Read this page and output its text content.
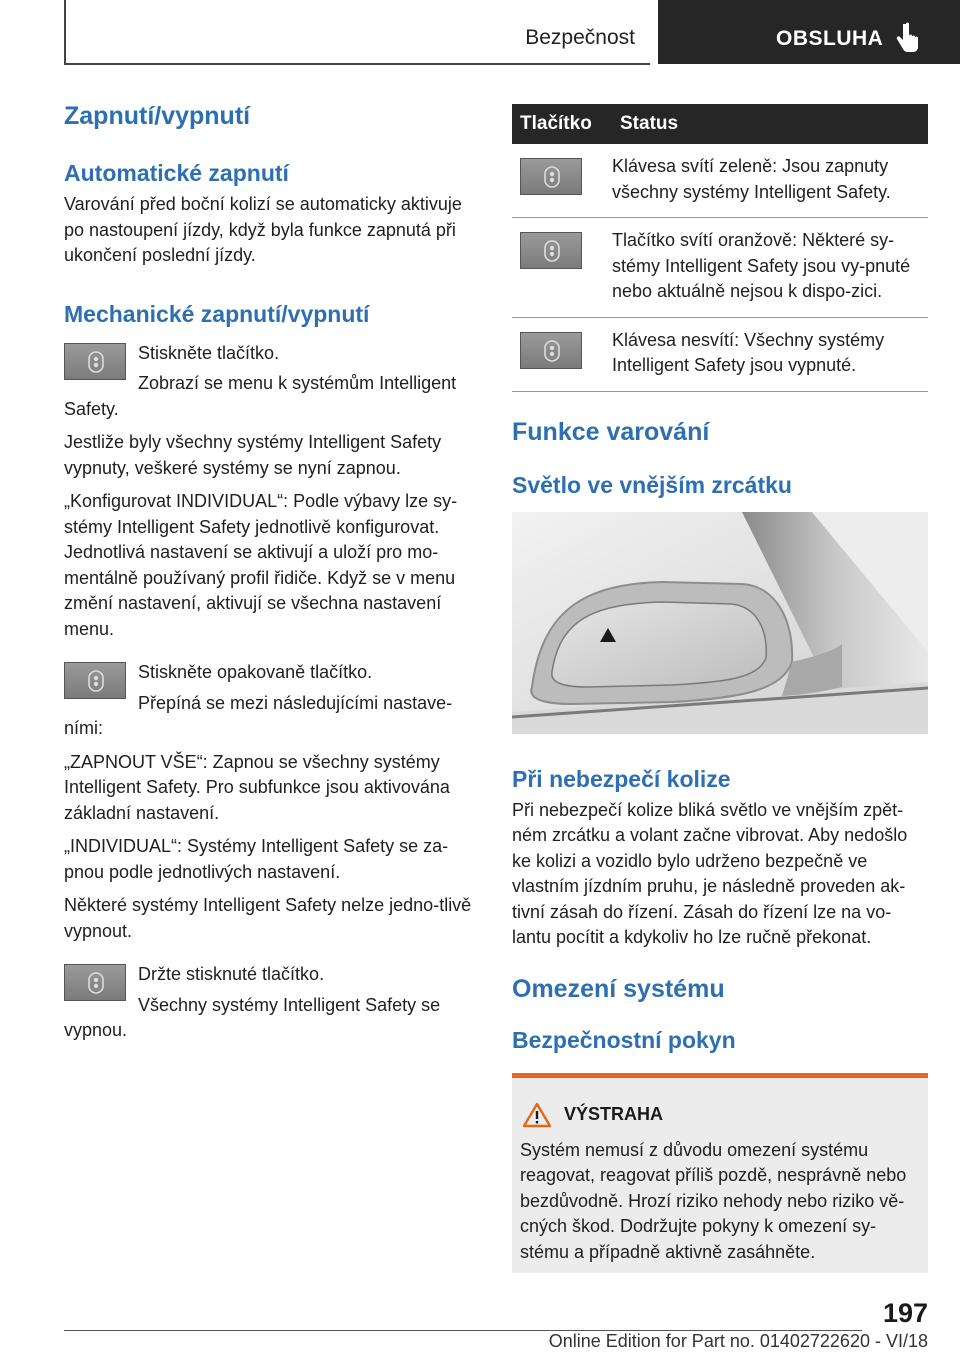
Bezpečnost	OBSLUHA
Zapnutí/vypnutí
Automatické zapnutí

Varování před boční kolizí se automaticky aktivuje po nastoupení jízdy, když byla funkce zapnutá při ukončení poslední jízdy.

Mechanické zapnutí/vypnutí

Stiskněte tlačítko.

Zobrazí se menu k systémům Intelligent Safety.

Jestliže byly všechny systémy Intelligent Safety vypnuty, veškeré systémy se nyní zapnou.

„Konfigurovat INDIVIDUAL“: Podle výbavy lze sy-stémy Intelligent Safety jednotlivě konfigurovat. Jednotlivá nastavení se aktivují a uloží pro mo-mentálně používaný profil řidiče. Když se v menu změní nastavení, aktivují se všechna nastavení menu.

Stiskněte opakovaně tlačítko.

Přepíná se mezi následujícími nastave-ními:

„ZAPNOUT VŠE“: Zapnou se všechny systémy Intelligent Safety. Pro subfunkce jsou aktivována základní nastavení.

„INDIVIDUAL“: Systémy Intelligent Safety se za-pnou podle jednotlivých nastavení.

Některé systémy Intelligent Safety nelze jedno-tlivě vypnout.

Držte stisknuté tlačítko.

Všechny systémy Intelligent Safety se vypnou.

Tlačítko	Status

Klávesa svítí zeleně: Jsou zapnuty všechny systémy Intelligent Safety.

Tlačítko svítí oranžově: Některé sy-stémy Intelligent Safety jsou vy-pnuté nebo aktuálně nejsou k dispo-zici.

Klávesa nesvítí: Všechny systémy Intelligent Safety jsou vypnuté.

Funkce varování
Světlo ve vnějším zrcátku
Při nebezpečí kolize

Při nebezpečí kolize bliká světlo ve vnějším zpět-ném zrcátku a volant začne vibrovat. Aby nedošlo ke kolizi a vozidlo bylo udrženo bezpečně ve vlastním jízdním pruhu, je následně proveden ak-tivní zásah do řízení. Zásah do řízení lze na vo-lantu pocítit a kdykoliv ho lze ručně překonat.

Omezení systému
Bezpečnostní pokyn
VÝSTRAHA

Systém nemusí z důvodu omezení systému reagovat, reagovat příliš pozdě, nesprávně nebo bezdůvodně. Hrozí riziko nehody nebo riziko vě-cných škod. Dodržujte pokyny k omezení sy-stému a případně aktivně zasáhněte.

197
Online Edition for Part no. 01402722620 - VI/18
